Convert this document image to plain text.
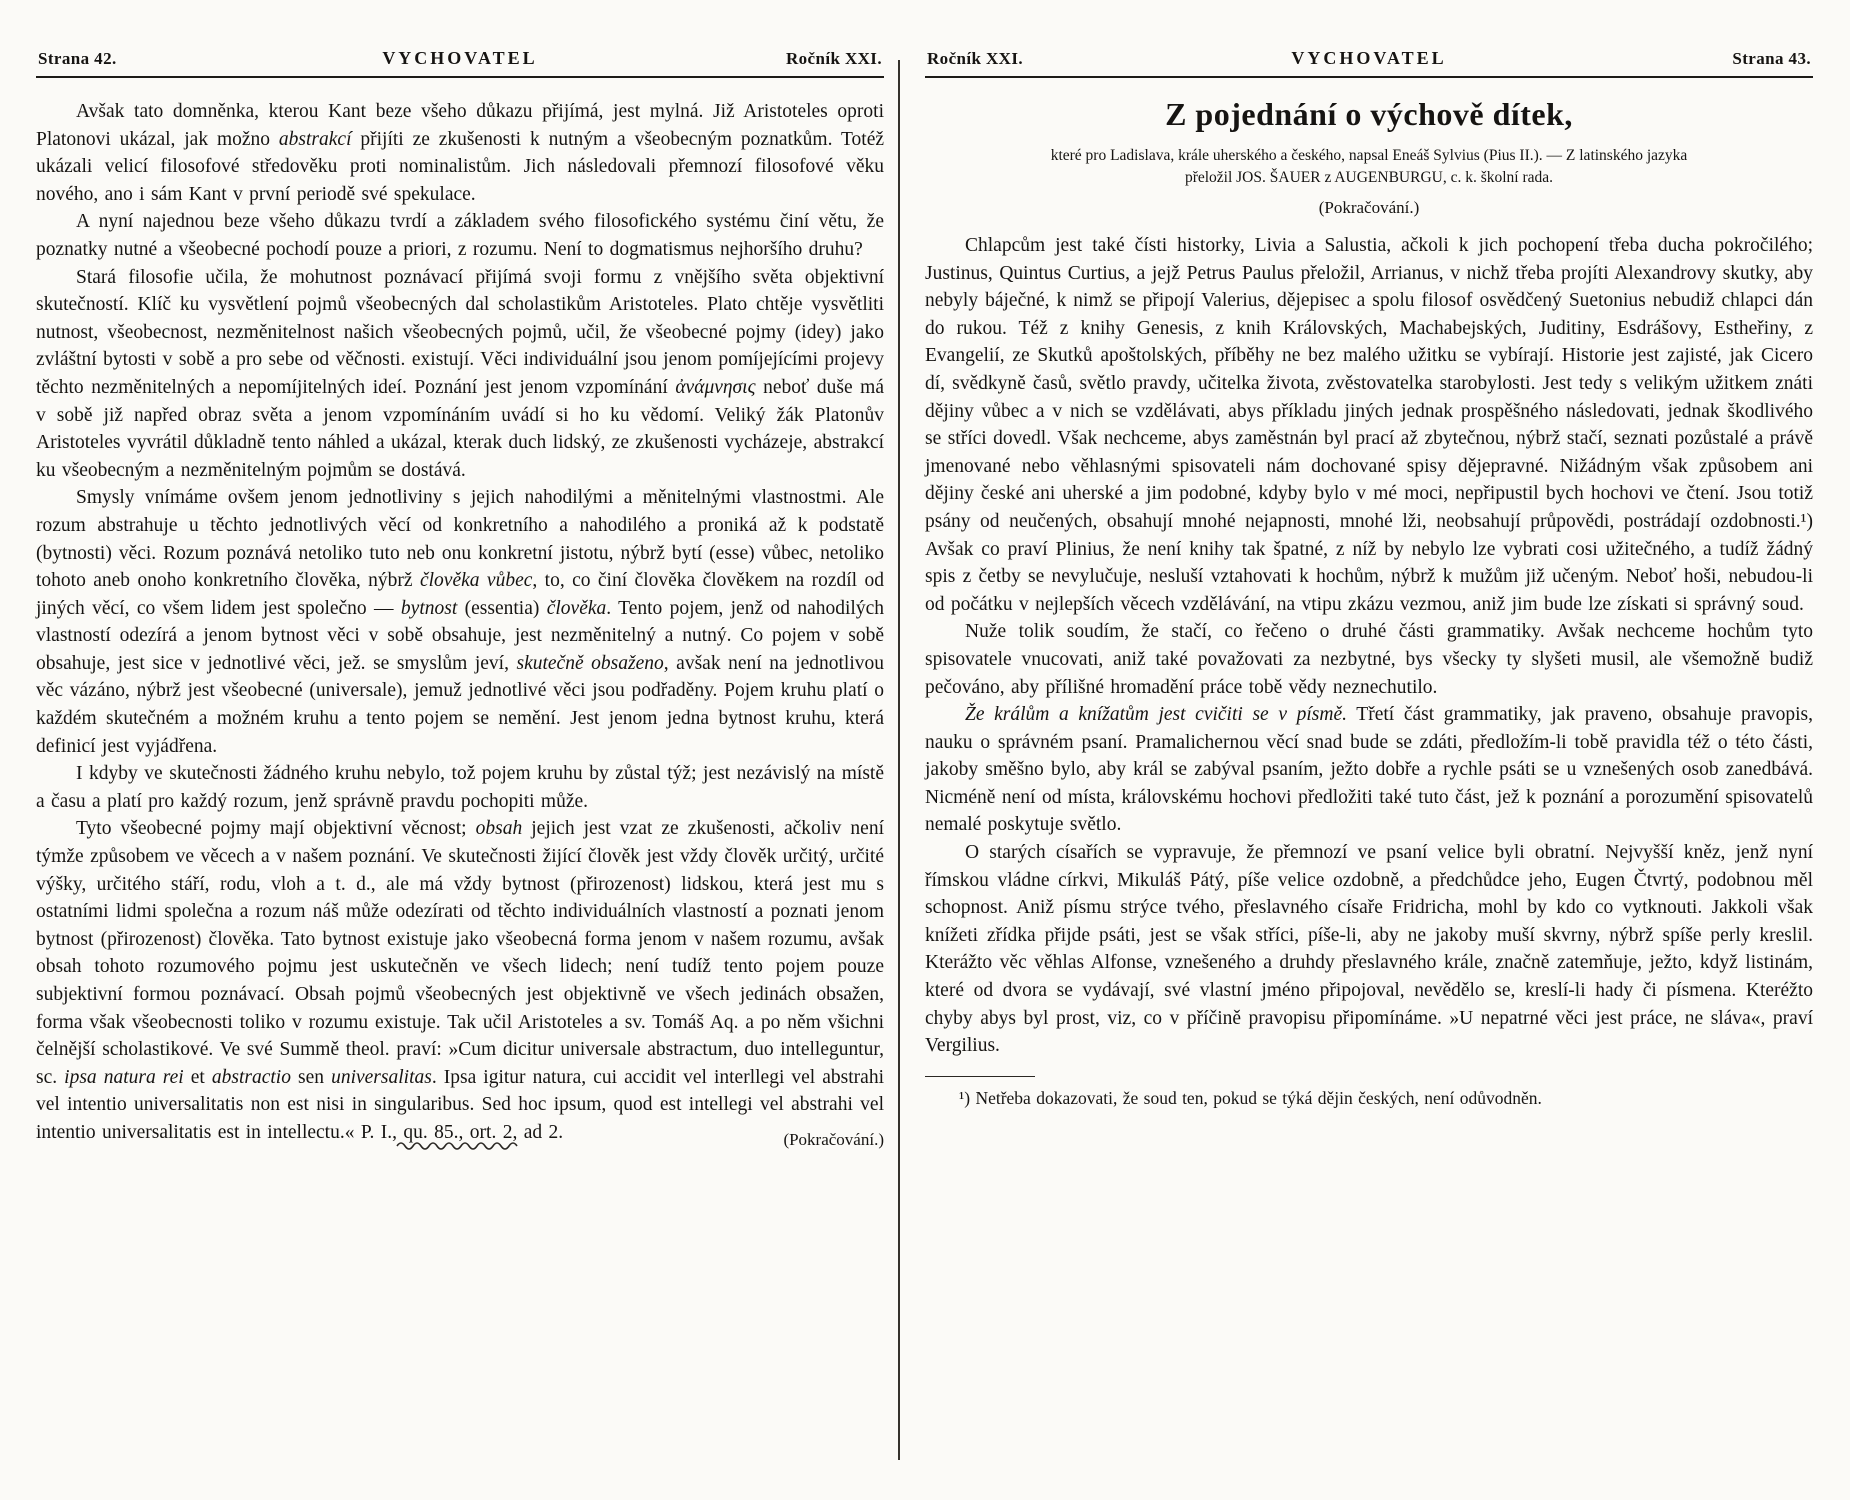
Strana 42.	VYCHOVATEL	Ročník XXI.

Avšak tato domněnka, kterou Kant beze všeho důkazu přijímá, jest mylná. Již Aristoteles oproti Platonovi ukázal, jak možno abstrakcí přijíti ze zkušenosti k nutným a všeobecným poznatkům. Totéž ukázali velicí filosofové středověku proti nominalistům. Jich následovali přemnozí filosofové věku nového, ano i sám Kant v první periodě své spekulace.

A nyní najednou beze všeho důkazu tvrdí a základem svého filosofického systému činí větu, že poznatky nutné a všeobecné pochodí pouze a priori, z rozumu. Není to dogmatismus nejhoršího druhu?

Stará filosofie učila, že mohutnost poznávací přijímá svoji formu z vnějšího světa objektivní skutečností. Klíč ku vysvětlení pojmů všeobecných dal scholastikům Aristoteles. Plato chtěje vysvětliti nutnost, všeobecnost, nezměnitelnost našich všeobecných pojmů, učil, že všeobecné pojmy (idey) jako zvláštní bytosti v sobě a pro sebe od věčnosti. existují. Věci individuální jsou jenom pomíjejícími projevy těchto nezměnitelných a nepomíjitelných ideí. Poznání jest jenom vzpomínání ἀνάμνησις neboť duše má v sobě již napřed obraz světa a jenom vzpomínáním uvádí si ho ku vědomí. Veliký žák Platonův Aristoteles vyvrátil důkladně tento náhled a ukázal, kterak duch lidský, ze zkušenosti vycházeje, abstrakcí ku všeobecným a nezměnitelným pojmům se dostává.

Smysly vnímáme ovšem jenom jednotliviny s jejich nahodilými a měnitelnými vlastnostmi. Ale rozum abstrahuje u těchto jednotlivých věcí od konkretního a nahodilého a proniká až k podstatě (bytnosti) věci. Rozum poznává netoliko tuto neb onu konkretní jistotu, nýbrž bytí (esse) vůbec, netoliko tohoto aneb onoho konkretního člověka, nýbrž člověka vůbec, to, co činí člověka člověkem na rozdíl od jiných věcí, co všem lidem jest společno — bytnost (essentia) člověka. Tento pojem, jenž od nahodilých vlastností odezírá a jenom bytnost věci v sobě obsahuje, jest nezměnitelný a nutný. Co pojem v sobě obsahuje, jest sice v jednotlivé věci, jež. se smyslům jeví, skutečně obsaženo, avšak není na jednotlivou věc vázáno, nýbrž jest všeobecné (universale), jemuž jednotlivé věci jsou podřaděny. Pojem kruhu platí o každém skutečném a možném kruhu a tento pojem se nemění. Jest jenom jedna bytnost kruhu, která definicí jest vyjádřena.

I kdyby ve skutečnosti žádného kruhu nebylo, tož pojem kruhu by zůstal týž; jest nezávislý na místě a času a platí pro každý rozum, jenž správně pravdu pochopiti může.

Tyto všeobecné pojmy mají objektivní věcnost; obsah jejich jest vzat ze zkušenosti, ačkoliv není týmže způsobem ve věcech a v našem poznání. Ve skutečnosti žijící člověk jest vždy člověk určitý, určité výšky, určitého stáří, rodu, vloh a t. d., ale má vždy bytnost (přirozenost) lidskou, která jest mu s ostatními lidmi společna a rozum náš může odezírati od těchto individuálních vlastností a poznati jenom bytnost (přirozenost) člověka. Tato bytnost existuje jako všeobecná forma jenom v našem rozumu, avšak obsah tohoto rozumového pojmu jest uskutečněn ve všech lidech; není tudíž tento pojem pouze subjektivní formou poznávací. Obsah pojmů všeobecných jest objektivně ve všech jedinách obsažen, forma však všeobecnosti toliko v rozumu existuje. Tak učil Aristoteles a sv. Tomáš Aq. a po něm všichni čelnější scholastikové. Ve své Summě theol. praví: »Cum dicitur universale abstractum, duo intelleguntur, sc. ipsa natura rei et abstractio sen universalitas. Ipsa igitur natura, cui accidit vel interllegi vel abstrahi vel intentio universalitatis non est nisi in singularibus. Sed hoc ipsum, quod est intellegi vel abstrahi vel intentio universalitatis est in intellectu.« P. I., qu. 85., ort. 2, ad 2.	(Pokračování.)
Ročník XXI.	VYCHOVATEL	Strana 43.
Z pojednání o výchově dítek,
které pro Ladislava, krále uherského a českého, napsal Eneáš Sylvius (Pius II.). — Z latinského jazyka
přeložil JOS. ŠAUER z AUGENBURGU, c. k. školní rada.
(Pokračování.)

Chlapcům jest také čísti historky, Livia a Salustia, ačkoli k jich pochopení třeba ducha pokročilého; Justinus, Quintus Curtius, a jejž Petrus Paulus přeložil, Arrianus, v nichž třeba projíti Alexandrovy skutky, aby nebyly báječné, k nimž se připojí Valerius, dějepisec a spolu filosof osvědčený Suetonius nebudiž chlapci dán do rukou. Též z knihy Genesis, z knih Královských, Machabejských, Juditiny, Esdrášovy, Estheřiny, z Evangelií, ze Skutků apoštolských, příběhy ne bez malého užitku se vybírají. Historie jest zajisté, jak Cicero dí, svědkyně časů, světlo pravdy, učitelka života, zvěstovatelka starobylosti. Jest tedy s velikým užitkem znáti dějiny vůbec a v nich se vzdělávati, abys příkladu jiných jednak prospěšného následovati, jednak škodlivého se stříci dovedl. Však nechceme, abys zaměstnán byl prací až zbytečnou, nýbrž stačí, seznati pozůstalé a právě jmenované nebo věhlasnými spisovateli nám dochované spisy dějepravné. Nižádným však způsobem ani dějiny české ani uherské a jim podobné, kdyby bylo v mé moci, nepřipustil bych hochovi ve čtení. Jsou totiž psány od neučených, obsahují mnohé nejapnosti, mnohé lži, neobsahují průpovědi, postrádají ozdobnosti.¹) Avšak co praví Plinius, že není knihy tak špatné, z níž by nebylo lze vybrati cosi užitečného, a tudíž žádný spis z četby se nevylučuje, nesluší vztahovati k hochům, nýbrž k mužům již učeným. Neboť hoši, nebudou-li od počátku v nejlepších věcech vzdělávání, na vtipu zkázu vezmou, aniž jim bude lze získati si správný soud.

Nuže tolik soudím, že stačí, co řečeno o druhé části grammatiky. Avšak nechceme hochům tyto spisovatele vnucovati, aniž také považovati za nezbytné, bys všecky ty slyšeti musil, ale všemožně budiž pečováno, aby přílišné hromadění práce tobě vědy neznechutilo.

Že králům a knížatům jest cvičiti se v písmě. Třetí část grammatiky, jak praveno, obsahuje pravopis, nauku o správném psaní. Pramalichernou věcí snad bude se zdáti, předložím-li tobě pravidla též o této části, jakoby směšno bylo, aby král se zabýval psaním, ježto dobře a rychle psáti se u vznešených osob zanedbává. Nicméně není od místa, královskému hochovi předložiti také tuto část, jež k poznání a porozumění spisovatelů nemalé poskytuje světlo.

O starých císařích se vypravuje, že přemnozí ve psaní velice byli obratní. Nejvyšší kněz, jenž nyní římskou vládne církvi, Mikuláš Pátý, píše velice ozdobně, a předchůdce jeho, Eugen Čtvrtý, podobnou měl schopnost. Aniž písmu strýce tvého, přeslavného císaře Fridricha, mohl by kdo co vytknouti. Jakkoli však knížeti zřídka přijde psáti, jest se však stříci, píše-li, aby ne jakoby muší skvrny, nýbrž spíše perly kreslil. Kterážto věc věhlas Alfonse, vznešeného a druhdy přeslavného krále, značně zatemňuje, ježto, když listinám, které od dvora se vydávají, své vlastní jméno připojoval, nevědělo se, kreslí-li hady či písmena. Kteréžto chyby abys byl prost, viz, co v příčině pravopisu připomínáme. »U nepatrné věci jest práce, ne sláva«, praví Vergilius.

¹) Netřeba dokazovati, že soud ten, pokud se týká dějin českých, není odůvodněn.
